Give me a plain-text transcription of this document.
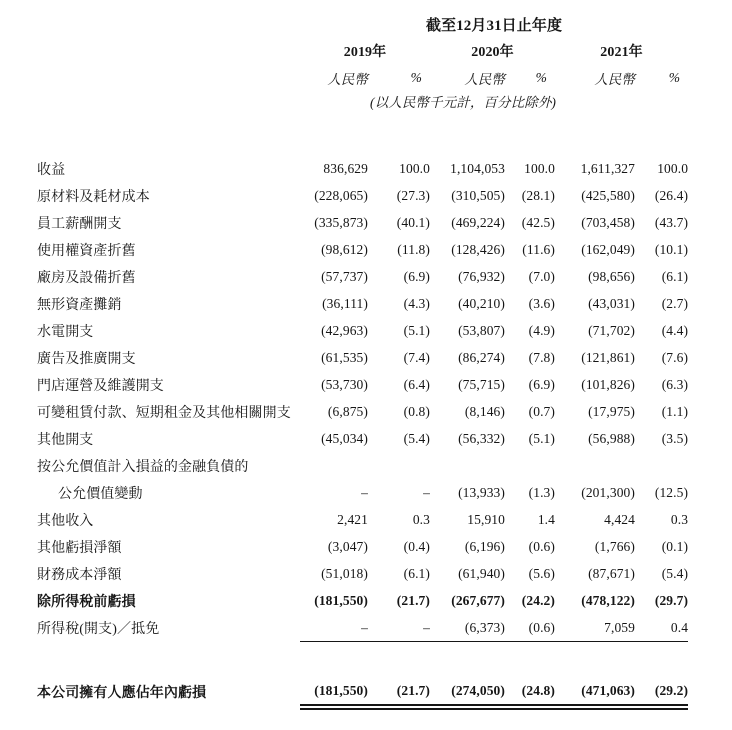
	截至12月31日止年度					
	2019年		2020年		2021年	
	人民幣	%	人民幣	%	人民幣	%
	(以人民幣千元計，百分比除外)					

收益	836,629	100.0	1,104,053	100.0	1,611,327	100.0
原材料及耗材成本	(228,065)	(27.3)	(310,505)	(28.1)	(425,580)	(26.4)
員工薪酬開支	(335,873)	(40.1)	(469,224)	(42.5)	(703,458)	(43.7)
使用權資產折舊	(98,612)	(11.8)	(128,426)	(11.6)	(162,049)	(10.1)
廠房及設備折舊	(57,737)	(6.9)	(76,932)	(7.0)	(98,656)	(6.1)
無形資產攤銷	(36,111)	(4.3)	(40,210)	(3.6)	(43,031)	(2.7)
水電開支	(42,963)	(5.1)	(53,807)	(4.9)	(71,702)	(4.4)
廣告及推廣開支	(61,535)	(7.4)	(86,274)	(7.8)	(121,861)	(7.6)
門店運營及維護開支	(53,730)	(6.4)	(75,715)	(6.9)	(101,826)	(6.3)
可變租賃付款、短期租金及其他相關開支	(6,875)	(0.8)	(8,146)	(0.7)	(17,975)	(1.1)
其他開支	(45,034)	(5.4)	(56,332)	(5.1)	(56,988)	(3.5)
按公允價值計入損益的金融負債的						
公允價值變動	–	–	(13,933)	(1.3)	(201,300)	(12.5)
其他收入	2,421	0.3	15,910	1.4	4,424	0.3
其他虧損淨額	(3,047)	(0.4)	(6,196)	(0.6)	(1,766)	(0.1)
財務成本淨額	(51,018)	(6.1)	(61,940)	(5.6)	(87,671)	(5.4)
除所得稅前虧損	(181,550)	(21.7)	(267,677)	(24.2)	(478,122)	(29.7)
所得稅(開支)／抵免	–	–	(6,373)	(0.6)	7,059	0.4

本公司擁有人應佔年內虧損	(181,550)	(21.7)	(274,050)	(24.8)	(471,063)	(29.2)
